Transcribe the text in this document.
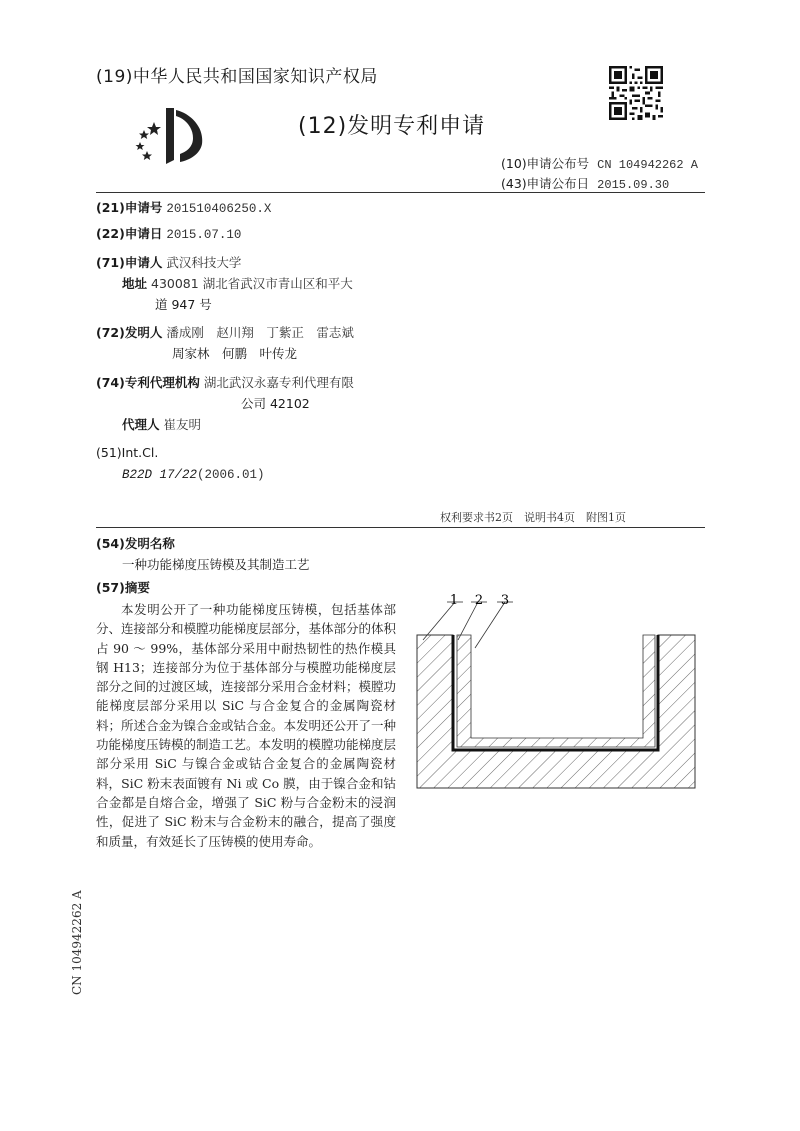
(19)中华人民共和国国家知识产权局
(12)发明专利申请
(10)申请公布号 CN 104942262 A
(43)申请公布日 2015.09.30
(21)申请号 201510406250.X
(22)申请日 2015.07.10
(71)申请人 武汉科技大学
地址 430081 湖北省武汉市青山区和平大
道 947 号
(72)发明人 潘成刚　赵川翔　丁紫正　雷志斌
周家林　何鹏　叶传龙
(74)专利代理机构 湖北武汉永嘉专利代理有限
公司 42102
代理人 崔友明
(51)Int.Cl.
B22D 17/22(2006.01)
权利要求书2页　说明书4页　附图1页
(54)发明名称
一种功能梯度压铸模及其制造工艺
(57)摘要
本发明公开了一种功能梯度压铸模，包括基体部分、连接部分和模膛功能梯度层部分，基体部分的体积占 90 ～ 99%，基体部分采用中耐热韧性的热作模具钢 H13；连接部分为位于基体部分与模膛功能梯度层部分之间的过渡区域，连接部分采用合金材料；模膛功能梯度层部分采用以 SiC 与合金复合的金属陶瓷材料；所述合金为镍合金或钴合金。本发明还公开了一种功能梯度压铸模的制造工艺。本发明的模膛功能梯度层部分采用 SiC 与镍合金或钴合金复合的金属陶瓷材料，SiC 粉末表面镀有 Ni 或 Co 膜，由于镍合金和钴合金都是自熔合金，增强了 SiC 粉与合金粉末的浸润性，促进了 SiC 粉末与合金粉末的融合，提高了强度和质量，有效延长了压铸模的使用寿命。
1 2 3
CN 104942262 A
